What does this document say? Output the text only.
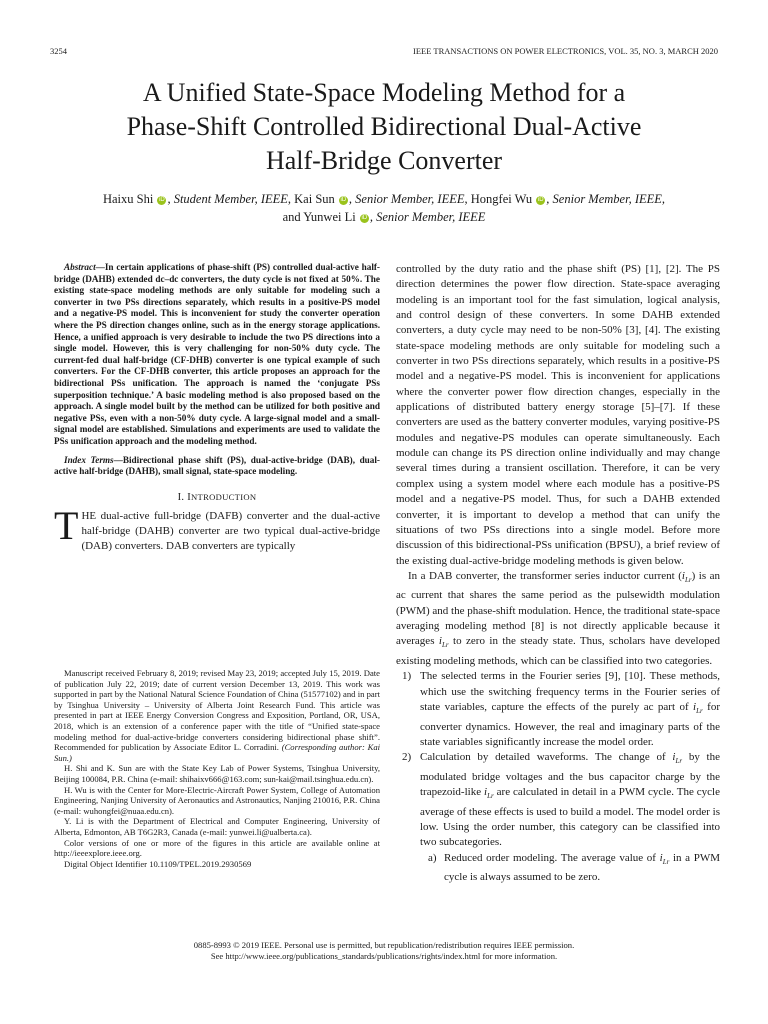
3254	IEEE TRANSACTIONS ON POWER ELECTRONICS, VOL. 35, NO. 3, MARCH 2020
A Unified State-Space Modeling Method for a
Phase-Shift Controlled Bidirectional Dual-Active
Half-Bridge Converter
Haixu Shi iD , Student Member, IEEE, Kai Sun iD , Senior Member, IEEE, Hongfei Wu iD , Senior Member, IEEE,
and Yunwei Li iD , Senior Member, IEEE

Abstract—In certain applications of phase-shift (PS) controlled dual-active half-bridge (DAHB) extended dc–dc converters, the duty cycle is not fixed at 50%. The existing state-space modeling methods are only suitable for modeling such a converter in two PSs directions separately, which results in a positive-PS model and a negative-PS model. This is inconvenient for study the converter operation where the PS direction changes online, such as in the energy storage applications. Hence, a unified approach is very desirable to include the two PS directions into a single model. However, this is very challenging for non-50% duty cycle. The current-fed dual half-bridge (CF-DHB) converter is one typical example of such converters. For the CF-DHB converter, this article proposes an approach for the bidirectional PSs unification. The approach is named the ‘conjugate PSs superposition technique.’ A basic modeling method is also proposed based on the approach. A single model built by the method can be utilized for both positive and negative PSs, even with a non-50% duty cycle. A large-signal model and a small-signal model are established. Simulations and experiments are used to validate the PSs unification approach and the modeling method.

Index Terms—Bidirectional phase shift (PS), dual-active-bridge (DAB), dual-active half-bridge (DAHB), small signal, state-space modeling.

I. INTRODUCTION

THE dual-active full-bridge (DAFB) converter and the dual-active half-bridge (DAHB) converter are two typical dual-active-bridge (DAB) converters. DAB converters are typically

Manuscript received February 8, 2019; revised May 23, 2019; accepted July 15, 2019. Date of publication July 22, 2019; date of current version December 13, 2019. This work was supported in part by the National Natural Science Foundation of China (51577102) and in part by Tsinghua University – University of Alberta Joint Research Fund. This article was presented in part at IEEE Energy Conversion Congress and Exposition, Portland, OR, USA, 2018, which is an extension of a conference paper with the title of “Unified state-space modeling method for dual-active-bridge converters considering bidirectional phase shift”. Recommended for publication by Associate Editor L. Corradini. (Corresponding author: Kai Sun.)

H. Shi and K. Sun are with the State Key Lab of Power Systems, Tsinghua University, Beijing 100084, P.R. China (e-mail: shihaixv666@163.com; sun-kai@mail.tsinghua.edu.cn).

H. Wu is with the Center for More-Electric-Aircraft Power System, College of Automation Engineering, Nanjing University of Aeronautics and Astronautics, Nanjing 210016, P.R. China (e-mail: wuhongfei@nuaa.edu.cn).

Y. Li is with the Department of Electrical and Computer Engineering, University of Alberta, Edmonton, AB T6G2R3, Canada (e-mail: yunwei.li@ualberta.ca).

Color versions of one or more of the figures in this article are available online at http://ieeexplore.ieee.org.

Digital Object Identifier 10.1109/TPEL.2019.2930569

controlled by the duty ratio and the phase shift (PS) [1], [2]. The PS direction determines the power flow direction. State-space averaging modeling is an important tool for the fast simulation, logical analysis, and control design of these converters. In some DAHB extended converters, a duty cycle may need to be non-50% [3], [4]. The existing state-space modeling methods are only suitable for modeling such a converter in two PSs directions separately, which results in a positive-PS model and a negative-PS model. This is inconvenient for applications where the converter power flow direction changes, especially in the applications of distributed battery energy storage [5]–[7]. If these converters are used as the battery converter modules, varying positive-PS modules and negative-PS modules can operate simultaneously. Each module can change its PS direction online individually and may change several times during a transient oscillation. Therefore, it can be very complex using a system model where each module has a positive-PS model and a negative-PS model. Thus, for such a DAHB extended converter, it is important to develop a method that can unify the situations of two PSs directions into a single model. Before more discussion of this bidirectional-PSs unification (BPSU), a brief review of the existing dual-active-bridge modeling methods is given below.

In a DAB converter, the transformer series inductor current $(i_{Lr})$ is an ac current that shares the same period as the pulsewidth modulation (PWM) and the phase-shift modulation. Hence, the traditional state-space averaging modeling method [8] is not directly applicable because it averages $i_{Lr}$ to zero in the steady state. Thus, scholars have developed existing modeling methods, which can be classified into two categories.

1) The selected terms in the Fourier series [9], [10]. These methods, which use the switching frequency terms in the Fourier series of state variables, capture the effects of the purely ac part of $i_{Lr}$ for converter dynamics. However, the real and imaginary parts of the state variables significantly increase the model order.

2) Calculation by detailed waveforms. The change of $i_{Lr}$ by the modulated bridge voltages and the bus capacitor charge by the trapezoid-like $i_{Lr}$ are calculated in detail in a PWM cycle. The cycle average of these effects is used to build a model. The model order is low. Using the order number, this category can be classified into two subcategories.

a) Reduced order modeling. The average value of $i_{Lr}$ in a PWM cycle is always assumed to be zero.

0885-8993 © 2019 IEEE. Personal use is permitted, but republication/redistribution requires IEEE permission.
See http://www.ieee.org/publications_standards/publications/rights/index.html for more information.
